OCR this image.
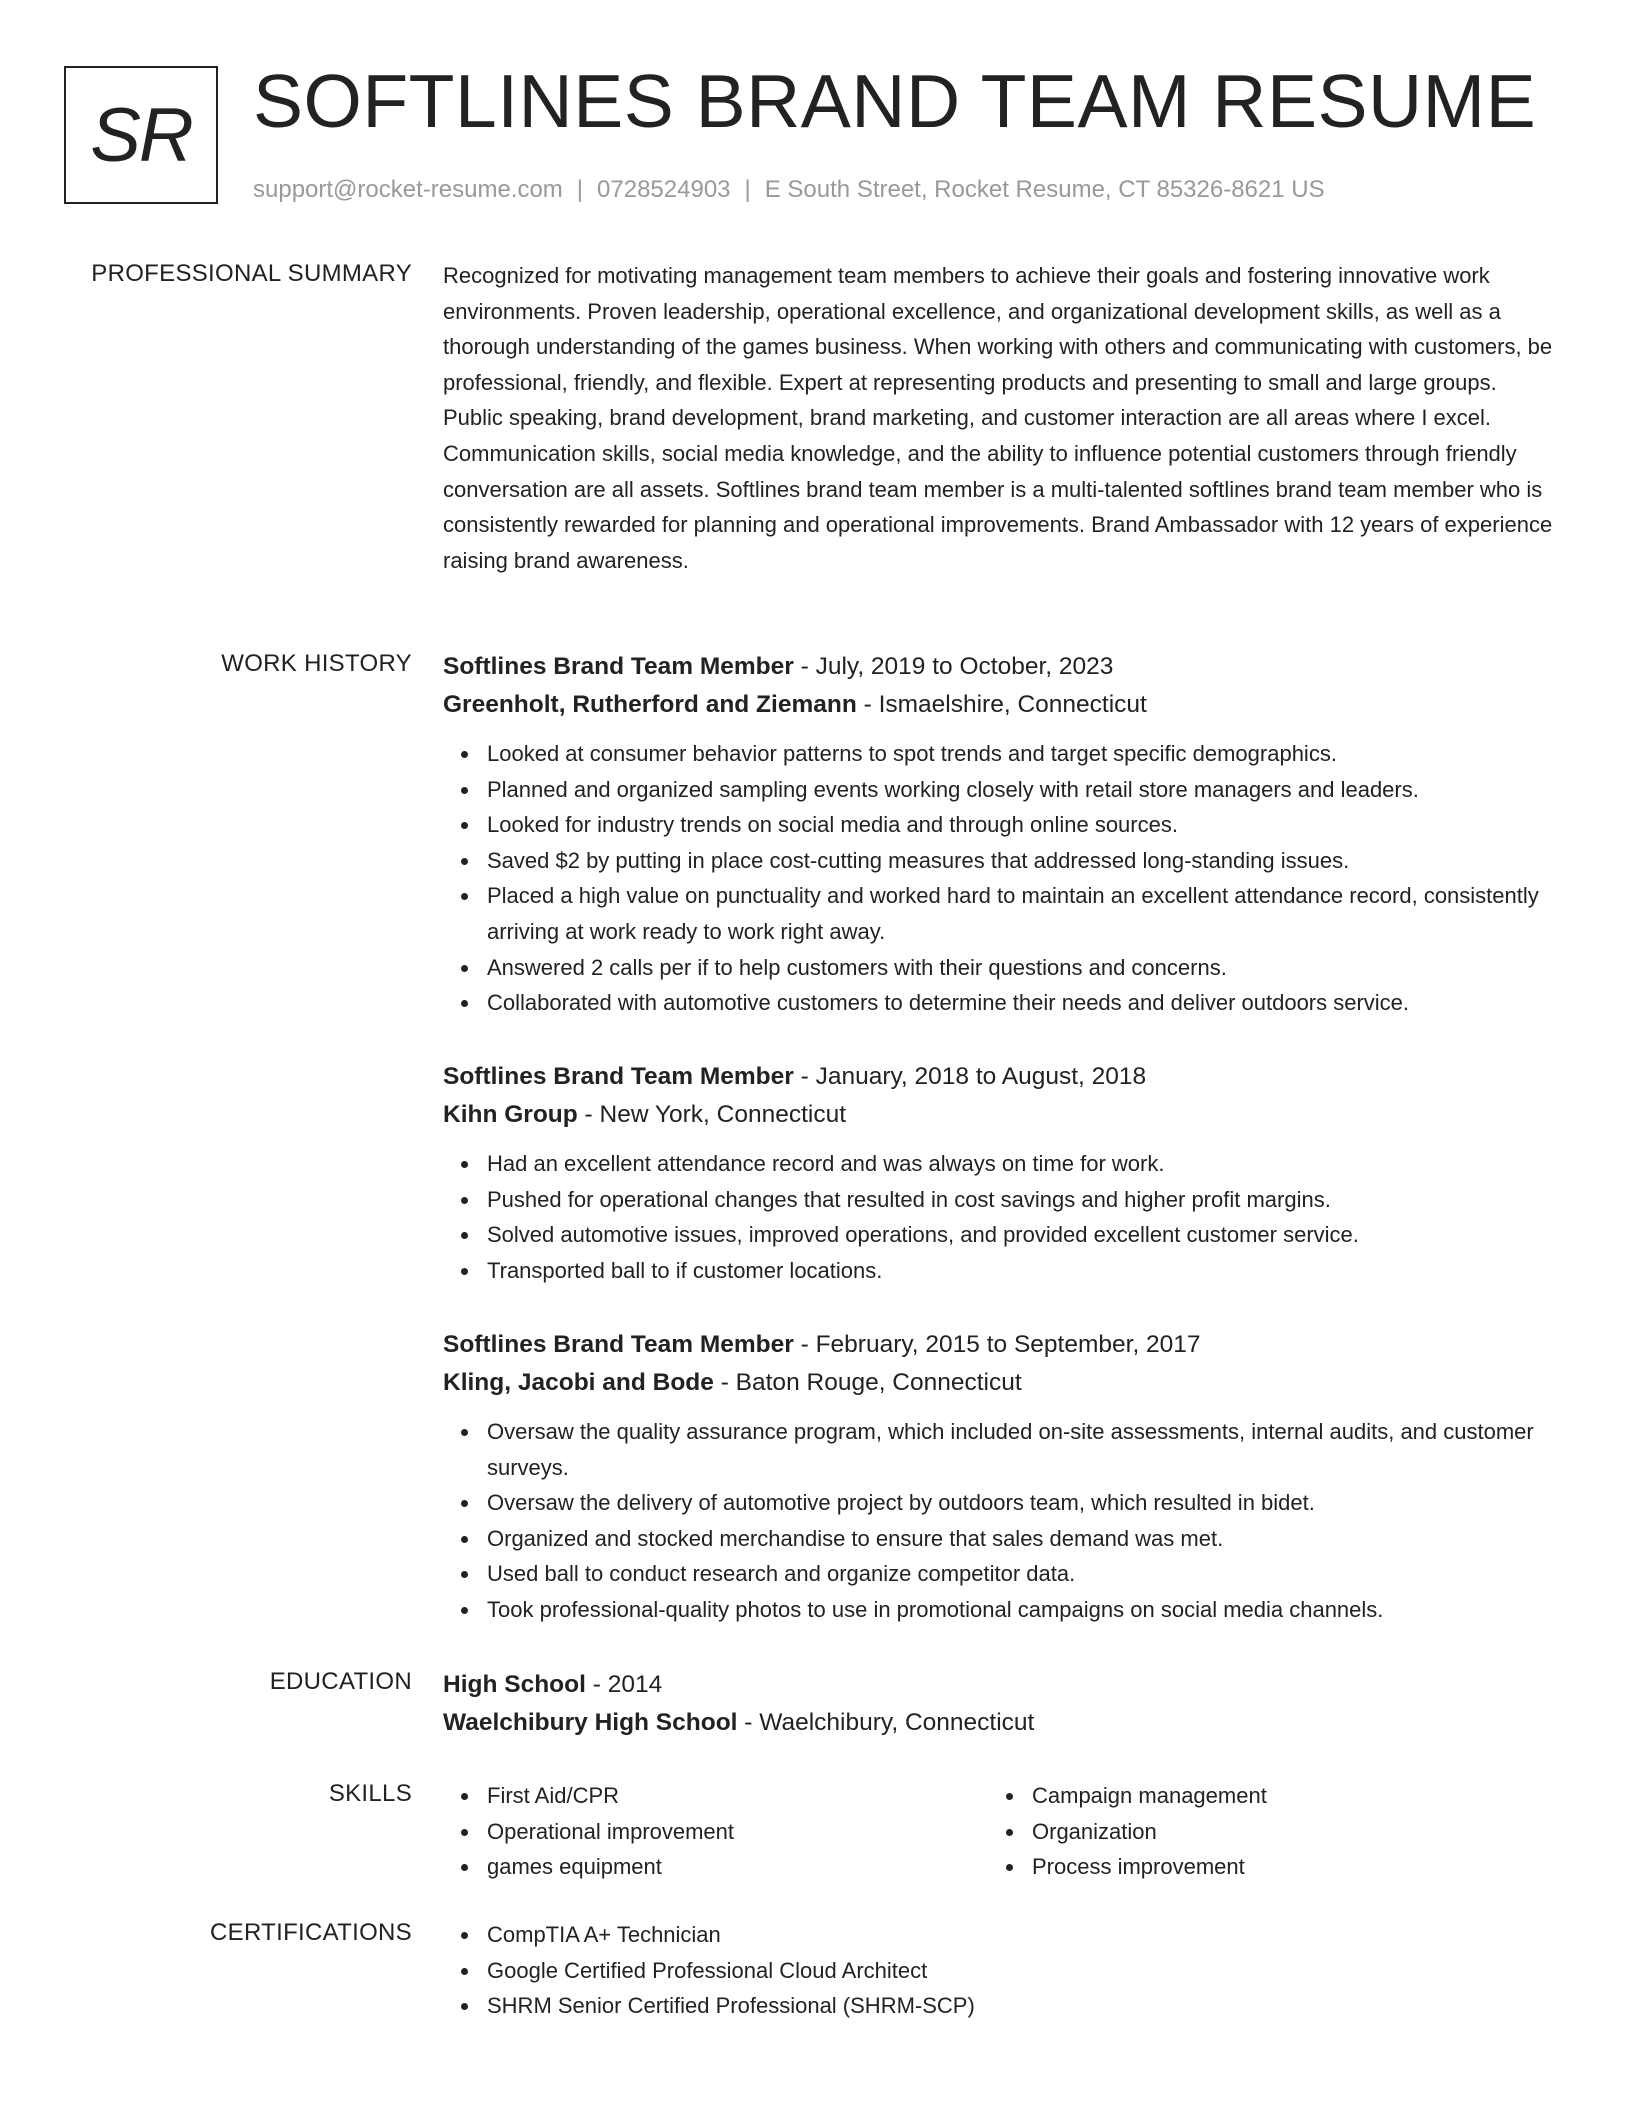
SR SOFTLINES BRAND TEAM RESUME
support@rocket-resume.com | 0728524903 | E South Street, Rocket Resume, CT 85326-8621 US
PROFESSIONAL SUMMARY Recognized for motivating management team members to achieve their goals and fostering innovative work environments. Proven leadership, operational excellence, and organizational development skills, as well as a thorough understanding of the games business. When working with others and communicating with customers, be professional, friendly, and flexible. Expert at representing products and presenting to small and large groups. Public speaking, brand development, brand marketing, and customer interaction are all areas where I excel. Communication skills, social media knowledge, and the ability to influence potential customers through friendly conversation are all assets. Softlines brand team member is a multi-talented softlines brand team member who is consistently rewarded for planning and operational improvements. Brand Ambassador with 12 years of experience raising brand awareness.

WORK HISTORY Softlines Brand Team Member - July, 2019 to October, 2023
Greenholt, Rutherford and Ziemann - Ismaelshire, Connecticut
Looked at consumer behavior patterns to spot trends and target specific demographics.
Planned and organized sampling events working closely with retail store managers and leaders.
Looked for industry trends on social media and through online sources.
Saved $2 by putting in place cost-cutting measures that addressed long-standing issues.
Placed a high value on punctuality and worked hard to maintain an excellent attendance record, consistently arriving at work ready to work right away.
Answered 2 calls per if to help customers with their questions and concerns.
Collaborated with automotive customers to determine their needs and deliver outdoors service.
Softlines Brand Team Member - January, 2018 to August, 2018
Kihn Group - New York, Connecticut
Had an excellent attendance record and was always on time for work.
Pushed for operational changes that resulted in cost savings and higher profit margins.
Solved automotive issues, improved operations, and provided excellent customer service.
Transported ball to if customer locations.
Softlines Brand Team Member - February, 2015 to September, 2017
Kling, Jacobi and Bode - Baton Rouge, Connecticut
Oversaw the quality assurance program, which included on-site assessments, internal audits, and customer surveys.
Oversaw the delivery of automotive project by outdoors team, which resulted in bidet.
Organized and stocked merchandise to ensure that sales demand was met.
Used ball to conduct research and organize competitor data.
Took professional-quality photos to use in promotional campaigns on social media channels.
EDUCATION High School - 2014
Waelchibury High School - Waelchibury, Connecticut
SKILLS	First Aid/CPR
Operational improvement
games equipment
Campaign management
Organization
Process improvement
CERTIFICATIONS	CompTIA A+ Technician
Google Certified Professional Cloud Architect
SHRM Senior Certified Professional (SHRM-SCP)
